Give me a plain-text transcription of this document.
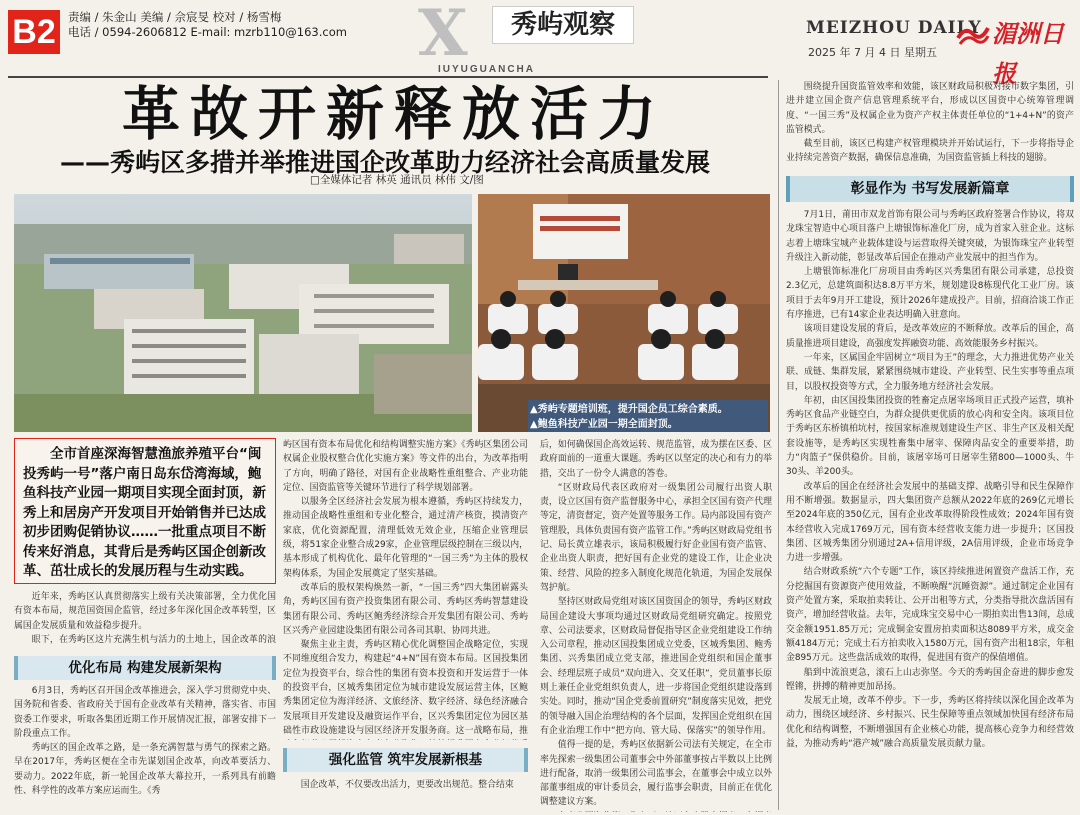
B2	责编 / 朱金山 美编 / 佘宸旻 校对 / 杨雪梅
电话 / 0594-2606812 E-mail: mzrb110@163.com X	秀屿观察
IUYUGUANCHA
MEIZHOU DAILY
2025 年 7 月 4 日 星期五
湄洲日报
革故开新释放活力
——秀屿区多措并举推进国企改革助力经济社会高质量发展
□全媒体记者 林英 通讯员 林伟 文/图
▲秀屿专题培训班，提升国企员工综合素质。
▲鲍鱼科技产业园一期全面封顶。
全市首座深海智慧渔旅养殖平台“闽投秀屿一号”落户南日岛东岱湾海域，鲍鱼科技产业园一期项目实现全面封顶，新秀上和居房产开发项目开始销售并已达成初步团购促销协议……一批重点项目不断传来好消息，其背后是秀屿区国企创新改革、茁壮成长的发展历程与生动实践。

近年来，秀屿区认真贯彻落实上级有关决策部署，全力优化国有资本布局，规范国资国企监管，经过多年深化国企改革转型，区属国企发展质量和效益稳步提升。

眼下，在秀屿区这片充满生机与活力的土地上，国企改革的浪

优化布局 构建发展新架构

6月3日，秀屿区召开国企改革推进会，深入学习贯彻党中央、国务院和省委、省政府关于国有企业改革有关精神，落实省、市国资委工作要求，听取各集团近期工作开展情况汇报，部署安排下一阶段重点工作。

秀屿区的国企改革之路，是一条充满智慧与勇气的探索之路。早在2017年，秀屿区便在全市先谋划国企改革，向改革要活力、要动力。2022年底，新一轮国企改革大幕拉开，一系列具有前瞻性、科学性的改革方案应运而生。《秀

屿区国有资本布局优化和结构调整实施方案》《秀屿区集团公司权属企业股权整合优化实施方案》等文件的出台，为改革指明了方向，明确了路径，对国有企业战略性重组整合、产业功能定位、国资监管等关键环节进行了科学规划部署。

以服务全区经济社会发展为根本遵循，秀屿区持续发力，推动国企战略性重组和专业化整合，通过清产核资，摸清资产家底，优化资源配置，清理低效无效企业，压缩企业管理层级，将51家企业整合成29家，企业管理层级控制在三级以内，基本形成了机构优化、最年化管理的“一国三秀”为主体的股权架构体系，为国企发展奠定了坚实基础。

改革后的股权架构焕然一新，“一国三秀”四大集团崭露头角，秀屿区国有资产投资集团有限公司、秀屿区秀屿智慧建设集团有限公司、秀屿区鲍秀经济综合开发集团有限公司、秀屿区兴秀产业园建设集团有限公司各司其职、协同共进。

聚焦主业主责，秀屿区精心优化调整国企战略定位，实现不同维度组合发力，构建起“4+N”国有资本布局。区国投集团定位为投资平台，综合性的集团有资本投资和开发运营于一体的投资平台，区城秀集团定位为城市建设发展运营主体，区鲍秀集团定位为海洋经济、文旅经济、数字经济、绿色经济融合发展项目开发建设及融资运作平台，区兴秀集团定位为园区基础性市政设施建设与园区经济开发服务商。这一战略布局，推

强化监管 筑牢发展新根基

国企改革，不仅要改出活力，更要改出规范。整合结束

后，如何确保国企高效运转、规范监管，成为摆在区委、区政府面前的一道重大课题。秀屿区以坚定的决心和有力的举措，交出了一份令人满意的答卷。

“区财政局代表区政府对一级集团公司履行出资人职责，设立区国有资产监督服务中心，承担全区国有资产代理等定，清资督定，资产处置等服务工作。局内部设国有资产管理股，具体负责国有资产监管工作。”秀屿区财政局党组书记、局长黄立雄表示，该局积极履行好企业国有资产监管、企业出资人职责，把好国有企业党的建设工作，让企业决策、经营、风险的控多入制度化规范化轨道，为国企发展保驾护航。

坚持区财政局党组对该区国资国企的领导，秀屿区财政局国企建设大事项均通过区财政局党组研究确定。按照党章、公司法要求，区财政局督促指导区企业党组建设工作纳入公司章程，推动区国投集团成立党委，区城秀集团、鲍秀集团、兴秀集团成立党支部，推进国企党组织和国企董事会、经理层班子成员“双向进入、交叉任职”，党员董事长原则上兼任企业党组织负责人，进一步将国企党组织建设落到实处。同时，推动“国企党委前置研究”制度落实见效，把党的领导融入国企治理结构的各个层面，发挥国企党组织在国有企业治理工作中“把方向、管大局、保落实”的领导作用。

值得一提的是，秀屿区依据新公司法有关规定，在全市率先探索一级集团公司董事会中外部董事按占半数以上比例进行配备，取消一级集团公司监事会，在董事会中成立以外部董事组成的审计委员会，履行监事会职责，目前正在优化调整建议方案。

围绕提升国资监管效率和效能，该区财政局积极对接市数字集团，引进并建立国企资产信息管理系统平台，形成以区国资中心统筹管理调度、“一国三秀”及权属企业为资产产权主体责任单位的“1+4+N”的资产监管模式。

截至目前，该区已构建产权管理模块并开始试运行，下一步将指导企业持续完善资产数据，确保信息准确，为国资监管插上科技的翅膀。

彰显作为 书写发展新篇章

7月1日，莆田市双龙首饰有限公司与秀屿区政府签署合作协议，将双龙珠宝智造中心项目落户上塘银饰标准化厂房，成为首家入驻企业。这标志着上塘珠宝城产业载体建设与运营取得关键突破，为银饰珠宝产业转型升级注入新动能，彰显改革后国企在推动产业发展中的担当作为。

上塘银饰标准化厂房项目由秀屿区兴秀集团有限公司承建，总投资2.3亿元，总建筑面积达8.8万平方米，规划建设8栋现代化工业厂房。该项目于去年9月开工建设，预计2026年建成投产。目前，招商洽谈工作正有序推进，已有14家企业表达明确入驻意向。

该项目建设发展的背后，是改革效应的不断释放。改革后的国企，高质量推进项目建设，高强度发挥融资功能、高效能服务乡村振兴。

一年来，区属国企牢固树立“项目为王”的理念，大力推进优势产业关联、成链、集群发展，紧紧围绕城市建设、产业转型、民生实事等重点项目，以股权投资等方式，全力服务地方经济社会发展。

年初，由区国投集团投资的牲畜定点屠宰场项目正式投产运营，填补秀屿区食品产业链空白，为群众提供更优质的放心肉和安全肉。该项目位于秀屿区东桥镇柏坑村，按国家标准规划建设生产区、非生产区及相关配套设施等，是秀屿区实现牲畜集中屠宰、保障肉品安全的重要举措，助力“肉篮子”保供稳价。目前，该屠宰场可日屠宰生猪800—1000头、牛30头、羊200头。

改革后的国企在经济社会发展中的基础支撑、战略引导和民生保障作用不断增强。数据显示，四大集团资产总额从2022年底的269亿元增长至2024年底的350亿元，国有企业改革取得阶段性成效；2024年国有资本经营收入完成1769万元，国有资本经营收支能力进一步提升；区国投集团、区城秀集团分别通过2A+信用评级，2A信用评级，企业市场竞争力进一步增强。

结合财政系统“六个专题”工作，该区持续推进闲置资产盘活工作，充分挖掘国有资源资产使用效益，不断唤醒“沉睡资源”。通过制定企业国有资产处置方案，采取拍卖转让、公开出租等方式，分类指导批次盘活国有资产，增加经营收益。去年，完成珠宝交易中心一期拍卖出售13间，总成交金额1951.85万元；完成铜金安置房拍卖面积达8089平方米，成交金额4184万元；完成土石方拍卖收入1580万元，国有资产出租18宗，年租金895万元。这些盘活成效的取得，促进国有资产的保值增值。

船到中流浪更急，滚石上山志弥坚。今天的秀屿国企奋进的脚步愈发铿锵，拼搏的精神更加昂扬。

发展无止境，改革不停步。下一步，秀屿区将持续以深化国企改革为动力，围绕区域经济、乡村振兴、民生保障等重点领域加快国有经济布局优化和结构调整，不断增强国有企业核心功能，提高核心竞争力和经营效益，为推动秀屿“港产城”融合高质量发展贡献力量。
